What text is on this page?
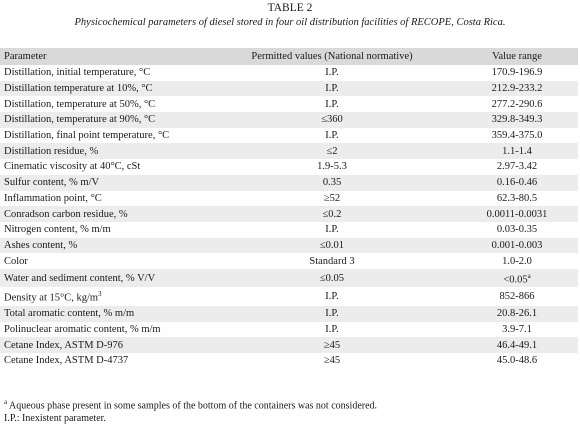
TABLE 2
Physicochemical parameters of diesel stored in four oil distribution facilities of RECOPE, Costa Rica.
Parameter	Permitted values (National normative)	Value range
Distillation, initial temperature, °C	I.P.	170.9-196.9
Distillation temperature at 10%, °C	I.P.	212.9-233.2
Distillation, temperature at 50%, °C	I.P.	277.2-290.6
Distillation, temperature at 90%, °C	≤360	329.8-349.3
Distillation, final point temperature, °C	I.P.	359.4-375.0
Distillation residue, %	≤2	1.1-1.4
Cinematic viscosity at 40°C, cSt	1.9-5.3	2.97-3.42
Sulfur content, % m/V	0.35	0.16-0.46
Inflammation point, °C	≥52	62.3-80.5
Conradson carbon residue, %	≤0.2	0.0011-0.0031
Nitrogen content, % m/m	I.P.	0.03-0.35
Ashes content, %	≤0.01	0.001-0.003
Color	Standard 3	1.0-2.0
Water and sediment content, % V/V	≤0.05	<0.05$^a$
Density at 15°C, $kg/m^3$	I.P.	852-866
Total aromatic content, % m/m	I.P.	20.8-26.1
Polinuclear aromatic content, % m/m	I.P.	3.9-7.1
Cetane Index, ASTM D-976	≥45	46.4-49.1
Cetane Index, ASTM D-4737	≥45	45.0-48.6
$^a$ Aqueous phase present in some samples of the bottom of the containers was not considered.
I.P.: Inexistent parameter.
